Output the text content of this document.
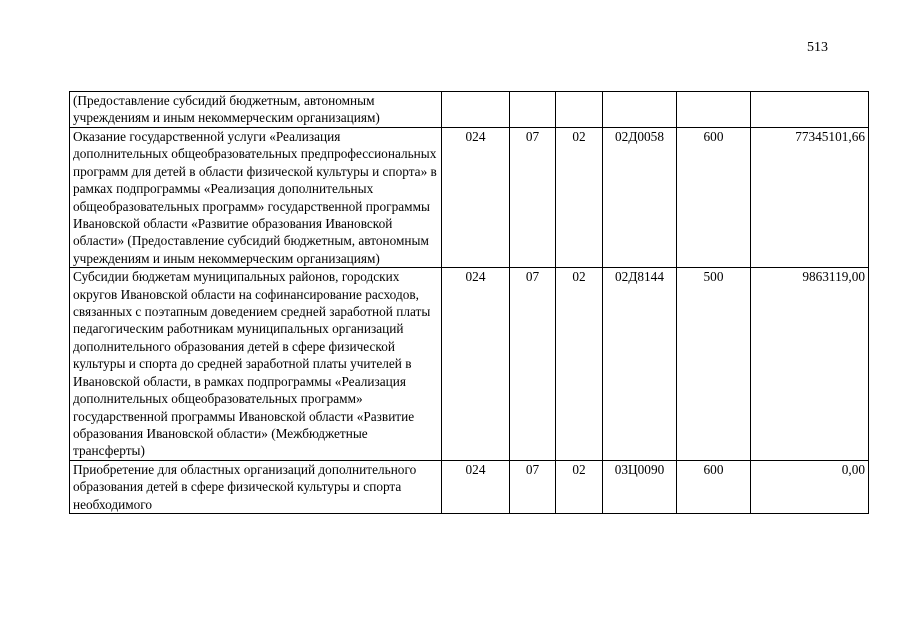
513
(Предоставление субсидий бюджетным, автономным учреждениям и иным некоммерческим организациям)						
Оказание государственной услуги «Реализация дополнительных общеобразовательных предпрофессиональных программ для детей в области физической культуры и спорта» в рамках подпрограммы «Реализация дополнительных общеобразовательных программ» государственной программы Ивановской области «Развитие образования Ивановской области» (Предоставление субсидий бюджетным, автономным учреждениям и иным некоммерческим организациям)	024	07	02	02Д0058	600	77345101,66
Субсидии бюджетам муниципальных районов, городских округов Ивановской области на софинансирование расходов, связанных с поэтапным доведением средней заработной платы педагогическим работникам муниципальных организаций дополнительного образования детей в сфере физической культуры и спорта до средней заработной платы учителей в Ивановской области, в рамках подпрограммы «Реализация дополнительных общеобразовательных программ» государственной программы Ивановской области «Развитие образования Ивановской области» (Межбюджетные трансферты)	024	07	02	02Д8144	500	9863119,00

Приобретение для областных организаций дополнительного образования детей в сфере физической культуры и спорта необходимого	024	07	02	03Ц0090	600	0,00
